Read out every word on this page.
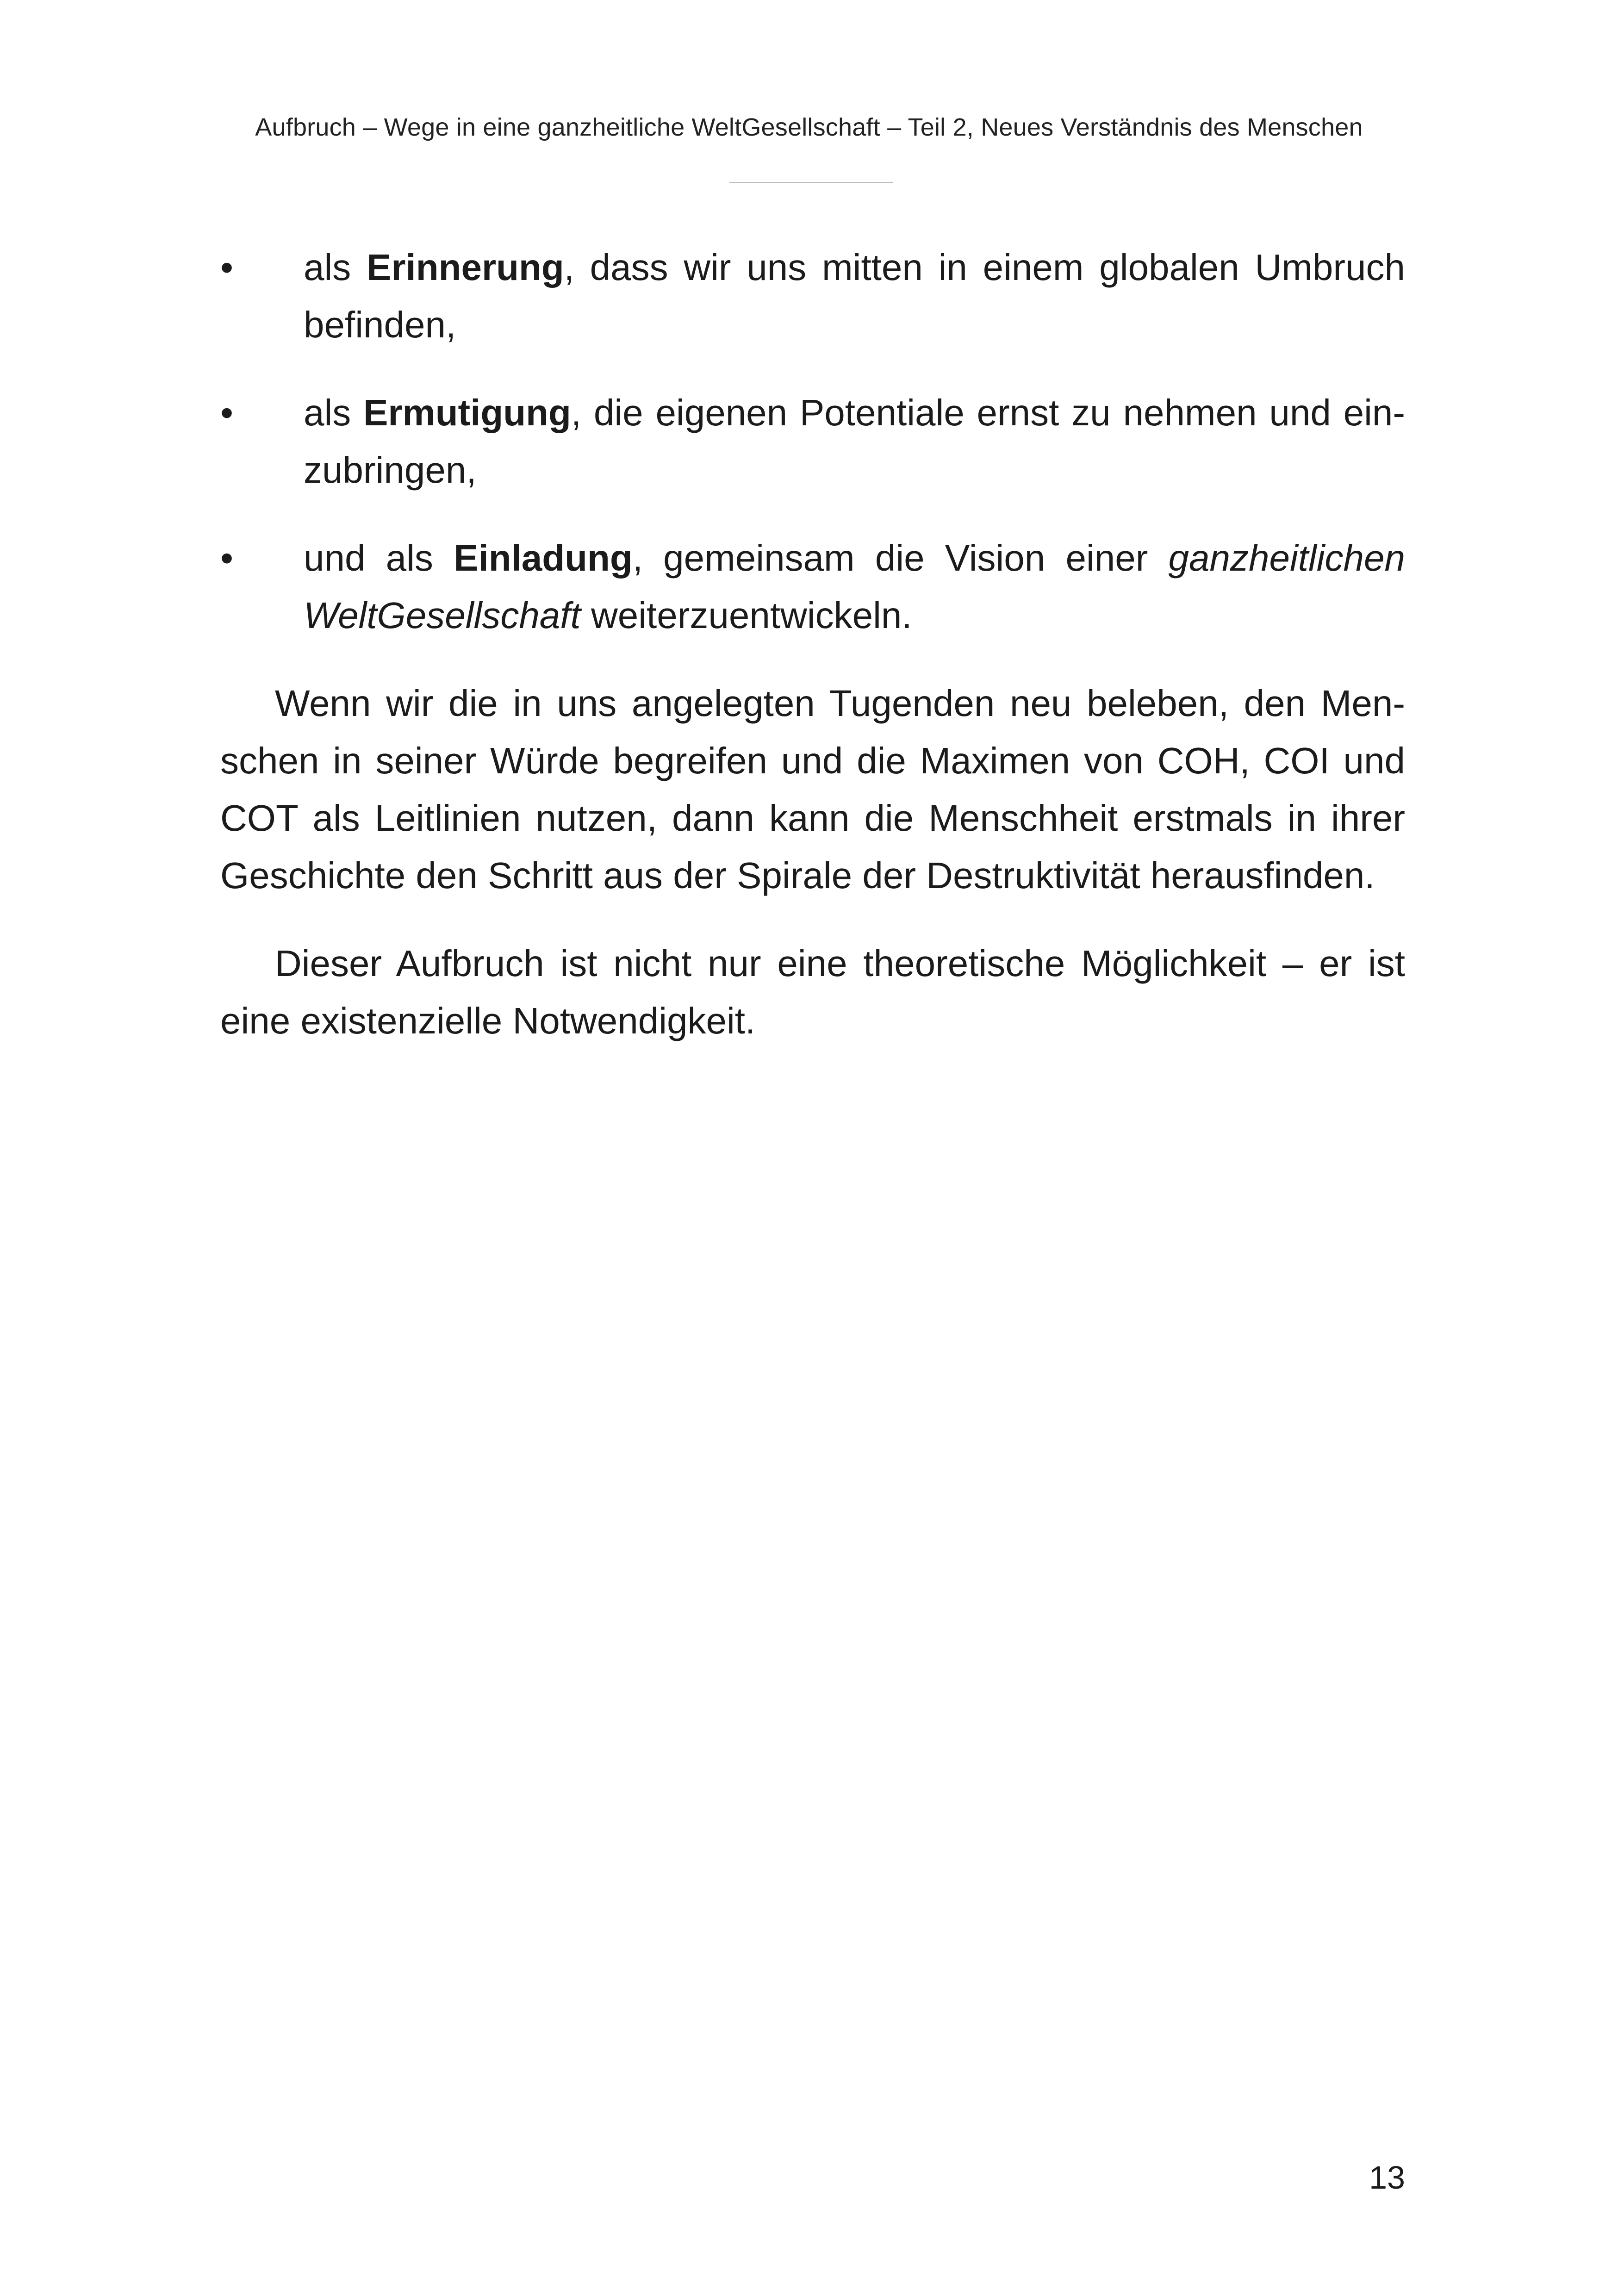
Aufbruch – Wege in eine ganzheitliche WeltGesellschaft – Teil 2, Neues Verständnis des Menschen
•	als Erinnerung, dass wir uns mitten in einem globalen Umbruch befinden,
•	als Ermutigung, die eigenen Potentiale ernst zu nehmen und einzubringen,
•	und als Einladung, gemeinsam die Vision einer ganzheitlichen WeltGesellschaft weiterzuentwickeln.

Wenn wir die in uns angelegten Tugenden neu beleben, den Menschen in seiner Würde begreifen und die Maximen von COH, COI und COT als Leitlinien nutzen, dann kann die Menschheit erstmals in ihrer Geschichte den Schritt aus der Spirale der Destruktivität herausfinden.

Dieser Aufbruch ist nicht nur eine theoretische Möglichkeit – er ist eine existenzielle Notwendigkeit.

13
